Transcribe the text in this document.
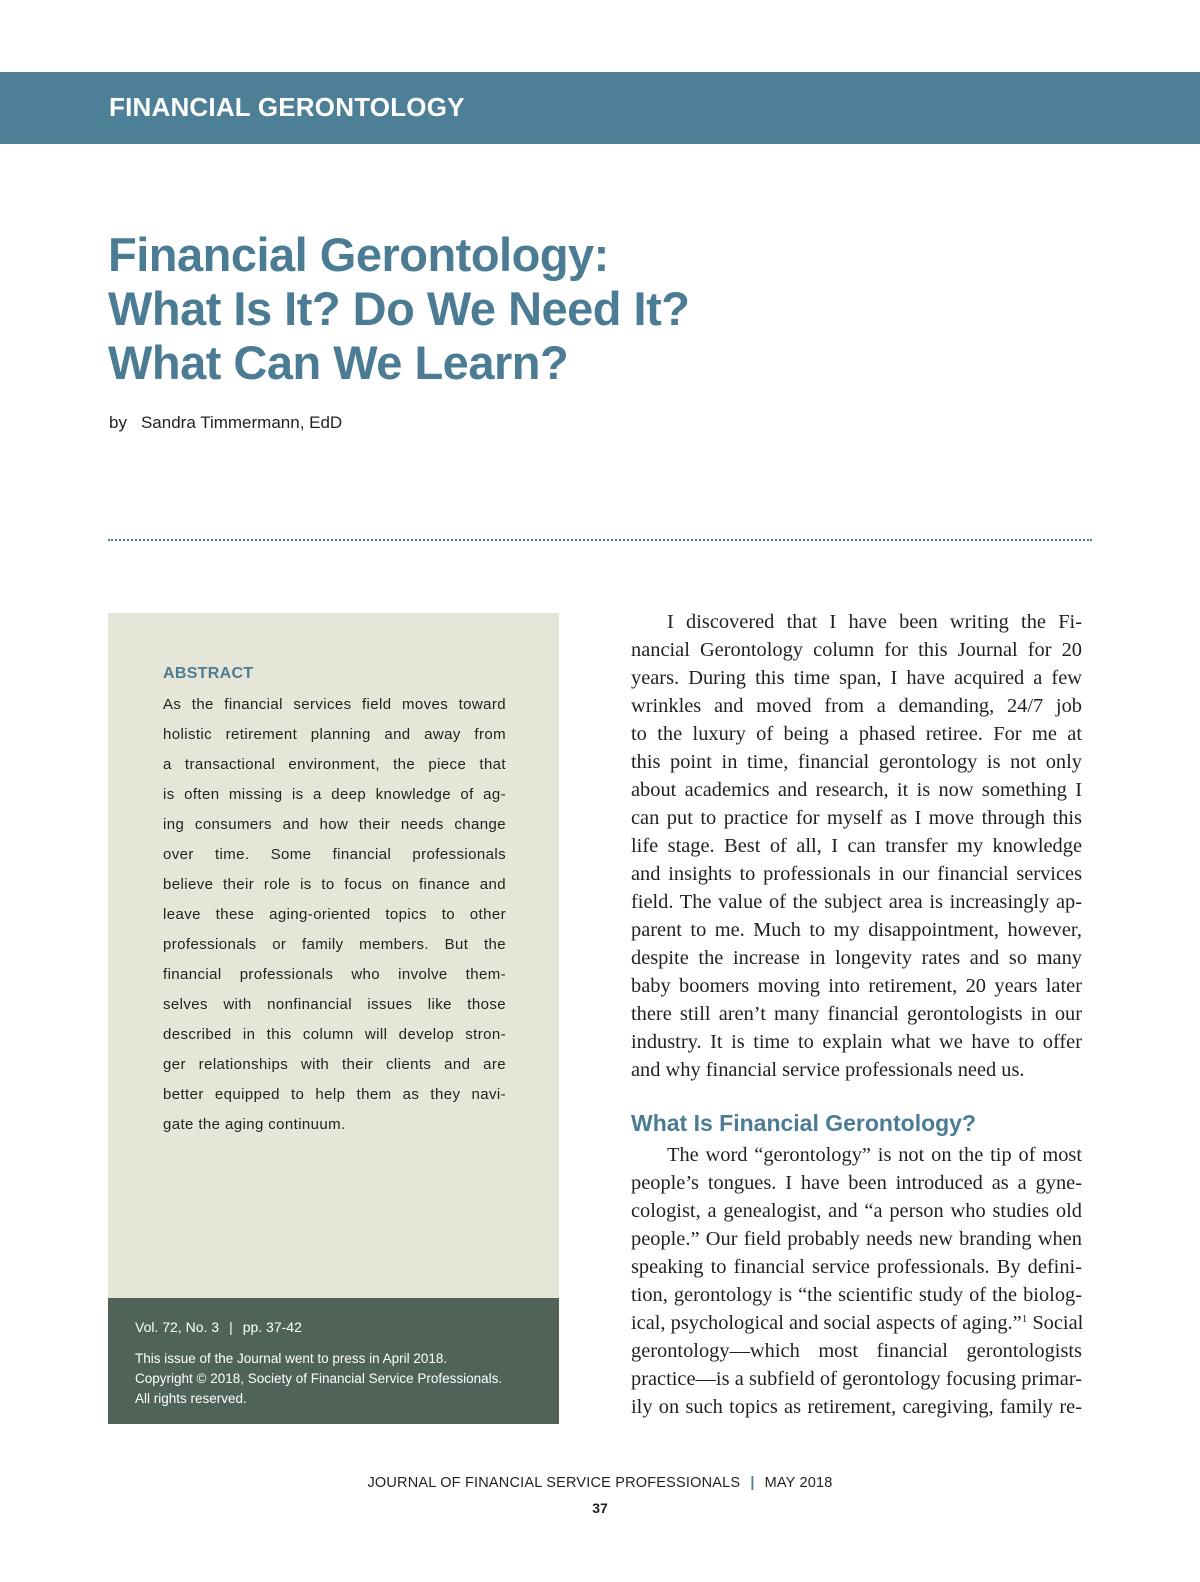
FINANCIAL GERONTOLOGY
Financial Gerontology:
What Is It? Do We Need It?
What Can We Learn?
by Sandra Timmermann, EdD
ABSTRACT
As the financial services field moves toward
holistic retirement planning and away from
a transactional environment, the piece that
is often missing is a deep knowledge of ag-
ing consumers and how their needs change
over time. Some financial professionals
believe their role is to focus on finance and
leave these aging-oriented topics to other
professionals or family members. But the
financial professionals who involve them-
selves with nonfinancial issues like those
described in this column will develop stron-
ger relationships with their clients and are
better equipped to help them as they navi-
gate the aging continuum.
Vol. 72, No. 3 | pp. 37-42
This issue of the Journal went to press in April 2018.
Copyright © 2018, Society of Financial Service Professionals.
All rights reserved.
I discovered that I have been writing the Fi-
nancial Gerontology column for this Journal for 20
years. During this time span, I have acquired a few
wrinkles and moved from a demanding, 24/7 job
to the luxury of being a phased retiree. For me at
this point in time, financial gerontology is not only
about academics and research, it is now something I
can put to practice for myself as I move through this
life stage. Best of all, I can transfer my knowledge
and insights to professionals in our financial services
field. The value of the subject area is increasingly ap-
parent to me. Much to my disappointment, however,
despite the increase in longevity rates and so many
baby boomers moving into retirement, 20 years later
there still aren’t many financial gerontologists in our
industry. It is time to explain what we have to offer
and why financial service professionals need us.
What Is Financial Gerontology?
The word “gerontology” is not on the tip of most
people’s tongues. I have been introduced as a gyne-
cologist, a genealogist, and “a person who studies old
people.” Our field probably needs new branding when
speaking to financial service professionals. By defini-
tion, gerontology is “the scientific study of the biolog-
ical, psychological and social aspects of aging.”$^1$ Social
gerontology—which most financial gerontologists
practice—is a subfield of gerontology focusing primar-
ily on such topics as retirement, caregiving, family re-
JOURNAL OF FINANCIAL SERVICE PROFESSIONALS | MAY 2018
37
